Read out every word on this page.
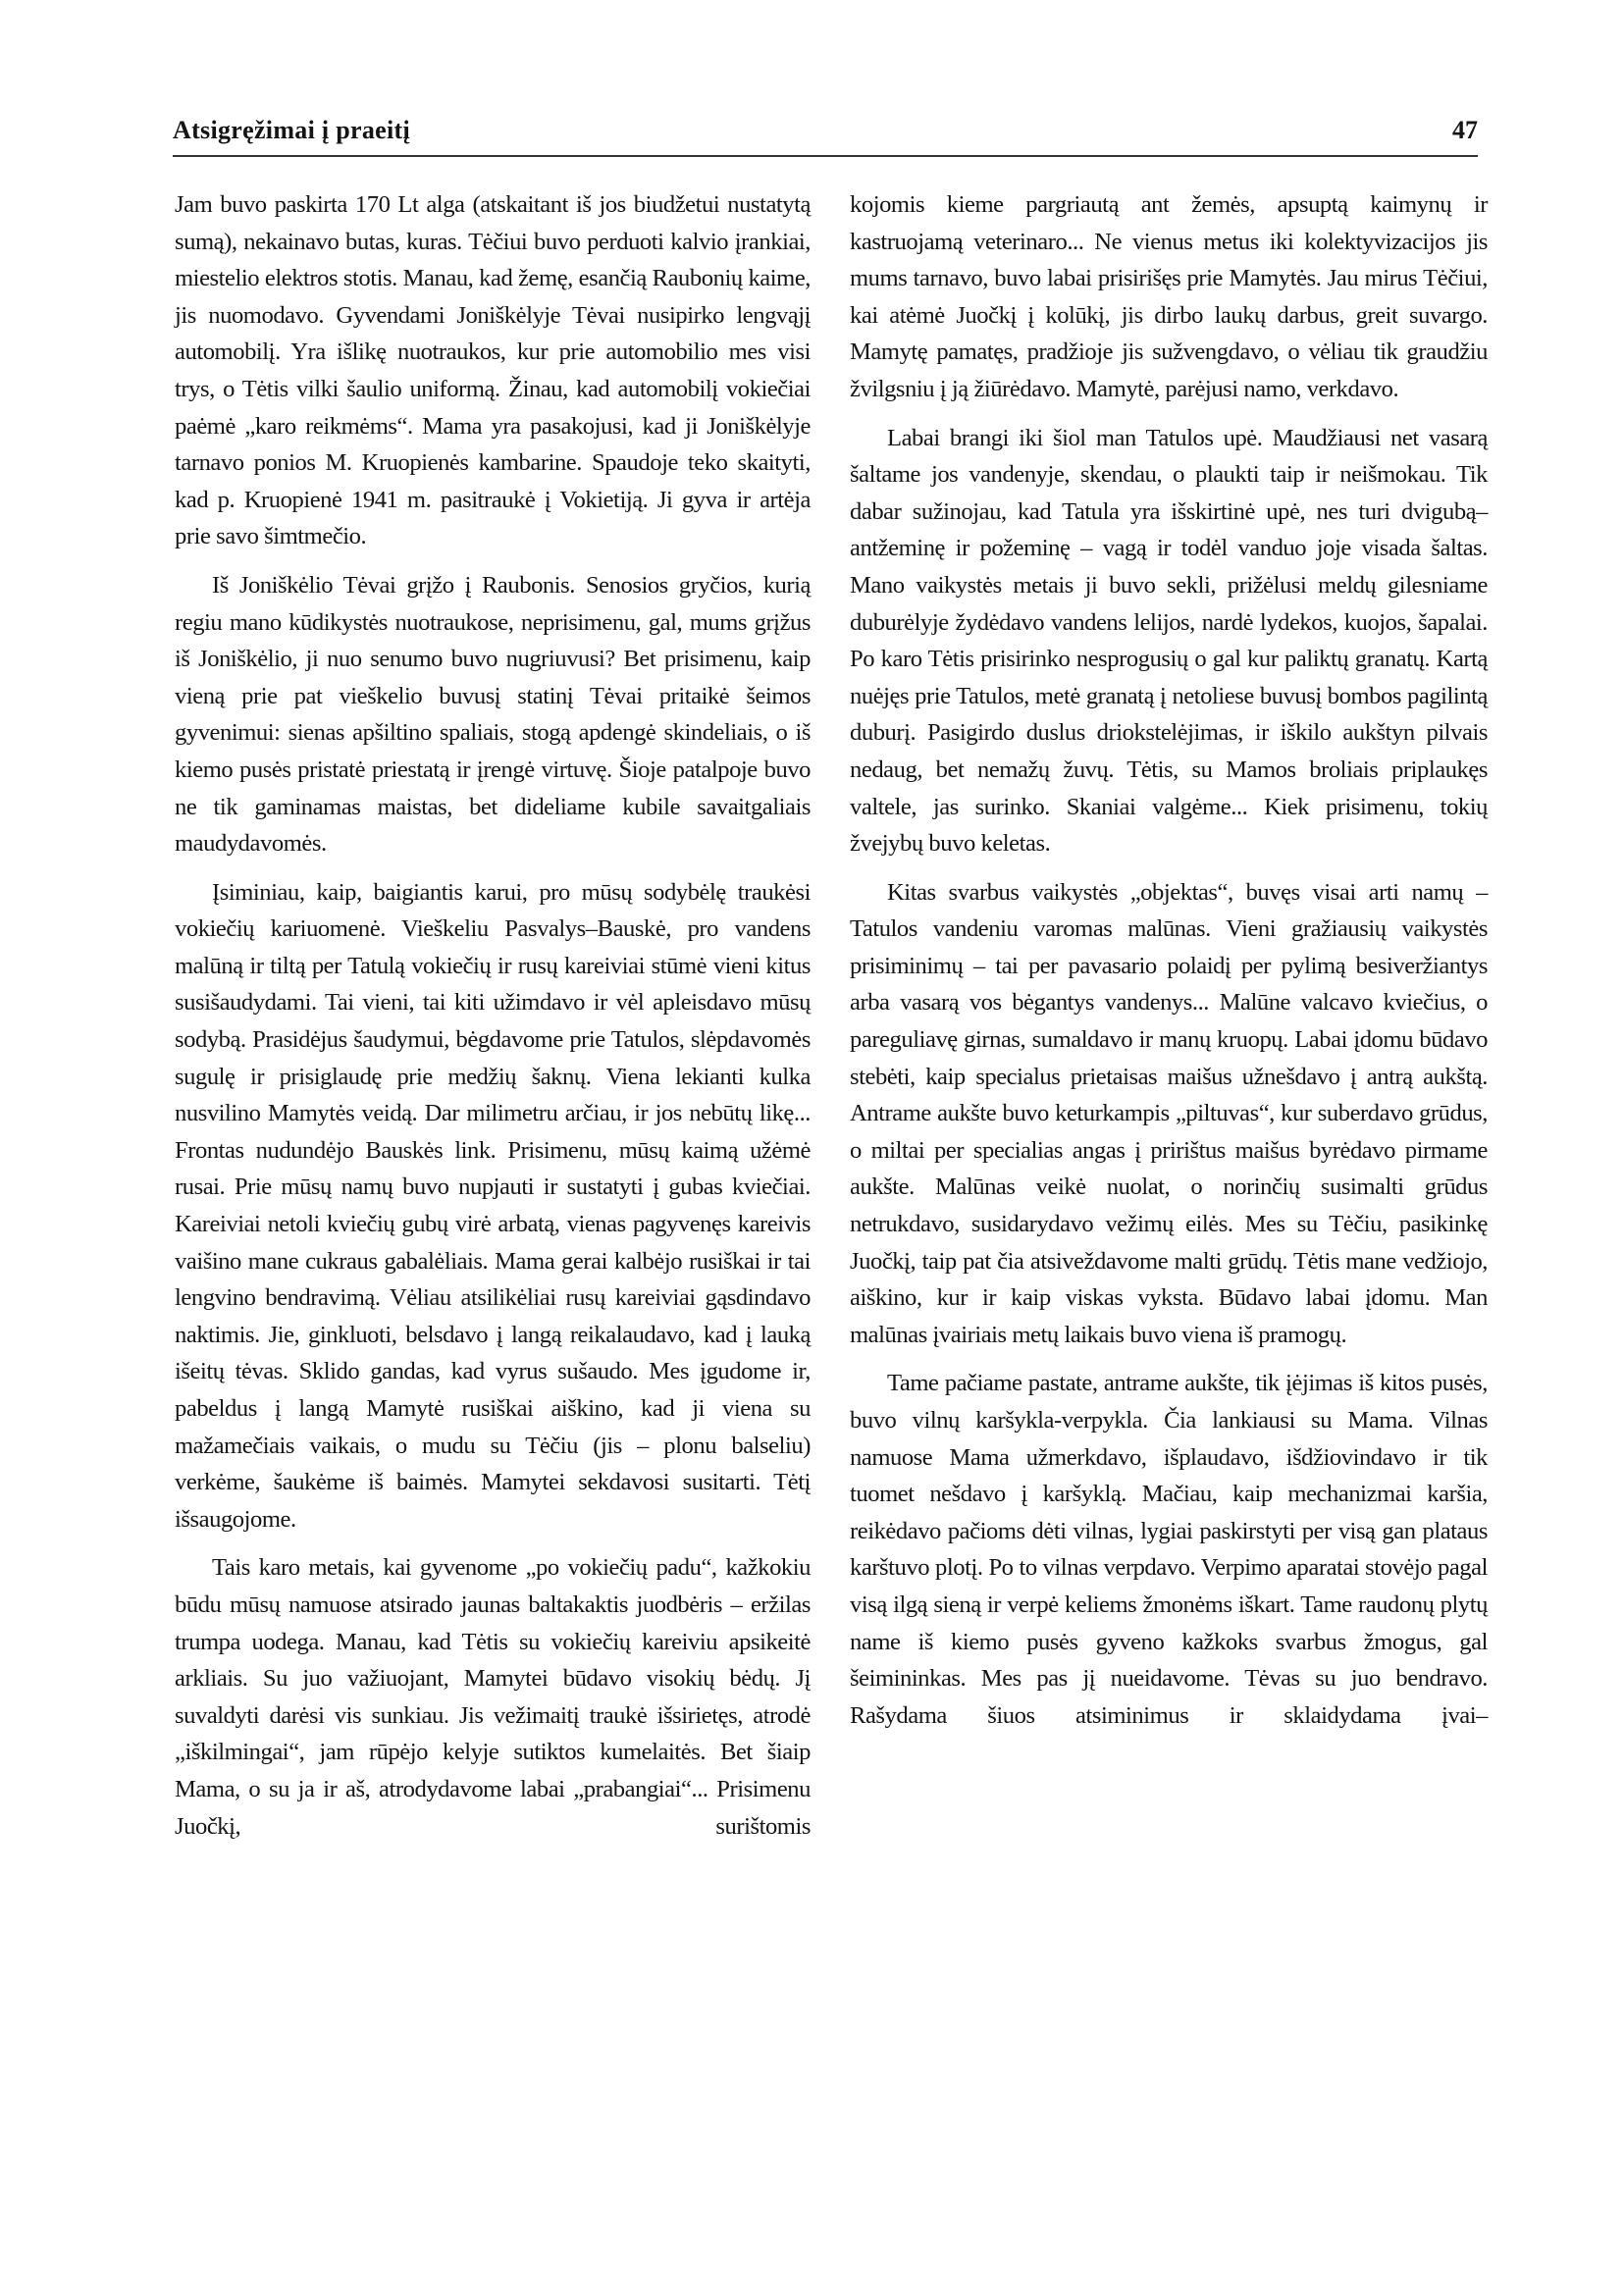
Atsigręžimai į praeitį	47

Jam buvo paskirta 170 Lt alga (atskaitant iš jos biudžetui nustatytą sumą), nekainavo butas, kuras. Tėčiui buvo perduoti kalvio įrankiai, miestelio elektros stotis. Manau, kad žemę, esančią Raubonių kaime, jis nuomodavo. Gyvendami Joniškėlyje Tėvai nusipirko lengvąjį automobilį. Yra išlikę nuotraukos, kur prie automobilio mes visi trys, o Tėtis vilki šaulio uniformą. Žinau, kad automobilį vokiečiai paėmė „karo reikmėms“. Mama yra pasakojusi, kad ji Joniškėlyje tarnavo ponios M. Kruopienės kambarine. Spaudoje teko skaityti, kad p. Kruopienė 1941 m. pasitraukė į Vokietiją. Ji gyva ir artėja prie savo šimtmečio.

Iš Joniškėlio Tėvai grįžo į Raubonis. Senosios gryčios, kurią regiu mano kūdikystės nuotraukose, neprisimenu, gal, mums grįžus iš Joniškėlio, ji nuo senumo buvo nugriuvusi? Bet prisimenu, kaip vieną prie pat vieškelio buvusį statinį Tėvai pritaikė šeimos gyvenimui: sienas apšiltino spaliais, stogą apdengė skindeliais, o iš kiemo pusės pristatė priestatą ir įrengė virtuvę. Šioje patalpoje buvo ne tik gaminamas maistas, bet dideliame kubile savaitgaliais maudydavomės.

Įsiminiau, kaip, baigiantis karui, pro mūsų sodybėlę traukėsi vokiečių kariuomenė. Vieškeliu Pasvalys–Bauskė, pro vandens malūną ir tiltą per Tatulą vokiečių ir rusų kareiviai stūmė vieni kitus susišaudydami. Tai vieni, tai kiti užimdavo ir vėl apleisdavo mūsų sodybą. Prasidėjus šaudymui, bėgdavome prie Tatulos, slėpdavomės sugulę ir prisiglaudę prie medžių šaknų. Viena lekianti kulka nusvilino Mamytės veidą. Dar milimetru arčiau, ir jos nebūtų likę... Frontas nudundėjo Bauskės link. Prisimenu, mūsų kaimą užėmė rusai. Prie mūsų namų buvo nupjauti ir sustatyti į gubas kviečiai. Kareiviai netoli kviečių gubų virė arbatą, vienas pagyvenęs kareivis vaišino mane cukraus gabalėliais. Mama gerai kalbėjo rusiškai ir tai lengvino bendravimą. Vėliau atsilikėliai rusų kareiviai gąsdindavo naktimis. Jie, ginkluoti, belsdavo į langą reikalaudavo, kad į lauką išeitų tėvas. Sklido gandas, kad vyrus sušaudo. Mes įgudome ir, pabeldus į langą Mamytė rusiškai aiškino, kad ji viena su mažamečiais vaikais, o mudu su Tėčiu (jis – plonu balseliu) verkėme, šaukėme iš baimės. Mamytei sekdavosi susitarti. Tėtį išsaugojome.

Tais karo metais, kai gyvenome „po vokiečių padu“, kažkokiu būdu mūsų namuose atsirado jaunas baltakaktis juodbėris – eržilas trumpa uodega. Manau, kad Tėtis su vokiečių kareiviu apsikeitė arkliais. Su juo važiuojant, Mamytei būdavo visokių bėdų. Jį suvaldyti darėsi vis sunkiau. Jis vežimaitį traukė išsirietęs, atrodė „iškilmingai“, jam rūpėjo kelyje sutiktos kumelaitės. Bet šiaip Mama, o su ja ir aš, atrodydavome labai „prabangiai“... Prisimenu Juočkį, surištomis

kojomis kieme pargriautą ant žemės, apsuptą kaimynų ir kastruojamą veterinaro... Ne vienus metus iki kolektyvizacijos jis mums tarnavo, buvo labai prisirišęs prie Mamytės. Jau mirus Tėčiui, kai atėmė Juočkį į kolūkį, jis dirbo laukų darbus, greit suvargo. Mamytę pamatęs, pradžioje jis sužvengdavo, o vėliau tik graudžiu žvilgsniu į ją žiūrėdavo. Mamytė, parėjusi namo, verkdavo.

Labai brangi iki šiol man Tatulos upė. Maudžiausi net vasarą šaltame jos vandenyje, skendau, o plaukti taip ir neišmokau. Tik dabar sužinojau, kad Tatula yra išskirtinė upė, nes turi dvigubą– antžeminę ir požeminę – vagą ir todėl vanduo joje visada šaltas. Mano vaikystės metais ji buvo sekli, prižėlusi meldų gilesniame duburėlyje žydėdavo vandens lelijos, nardė lydekos, kuojos, šapalai. Po karo Tėtis prisirinko nesprogusių o gal kur paliktų granatų. Kartą nuėjęs prie Tatulos, metė granatą į netoliese buvusį bombos pagilintą duburį. Pasigirdo duslus driokstelėjimas, ir iškilo aukštyn pilvais nedaug, bet nemažų žuvų. Tėtis, su Mamos broliais priplaukęs valtele, jas surinko. Skaniai valgėme... Kiek prisimenu, tokių žvejybų buvo keletas.

Kitas svarbus vaikystės „objektas“, buvęs visai arti namų – Tatulos vandeniu varomas malūnas. Vieni gražiausių vaikystės prisiminimų – tai per pavasario polaidį per pylimą besiveržiantys arba vasarą vos bėgantys vandenys... Malūne valcavo kviečius, o pareguliavę girnas, sumaldavo ir manų kruopų. Labai įdomu būdavo stebėti, kaip specialus prietaisas maišus užnešdavo į antrą aukštą. Antrame aukšte buvo keturkampis „piltuvas“, kur suberdavo grūdus, o miltai per specialias angas į pririštus maišus byrėdavo pirmame aukšte. Malūnas veikė nuolat, o norinčių susimalti grūdus netrukdavo, susidarydavo vežimų eilės. Mes su Tėčiu, pasikinkę Juočkį, taip pat čia atsiveždavome malti grūdų. Tėtis mane vedžiojo, aiškino, kur ir kaip viskas vyksta. Būdavo labai įdomu. Man malūnas įvairiais metų laikais buvo viena iš pramogų.

Tame pačiame pastate, antrame aukšte, tik įėjimas iš kitos pusės, buvo vilnų karšykla-verpykla. Čia lankiausi su Mama. Vilnas namuose Mama užmerkdavo, išplaudavo, išdžiovindavo ir tik tuomet nešdavo į karšyklą. Mačiau, kaip mechanizmai karšia, reikėdavo pačioms dėti vilnas, lygiai paskirstyti per visą gan plataus karštuvo plotį. Po to vilnas verpdavo. Verpimo aparatai stovėjo pagal visą ilgą sieną ir verpė keliems žmonėms iškart. Tame raudonų plytų name iš kiemo pusės gyveno kažkoks svarbus žmogus, gal šeimininkas. Mes pas jį nueidavome. Tėvas su juo bendravo. Rašydama šiuos atsiminimus ir sklaidydama įvai–
